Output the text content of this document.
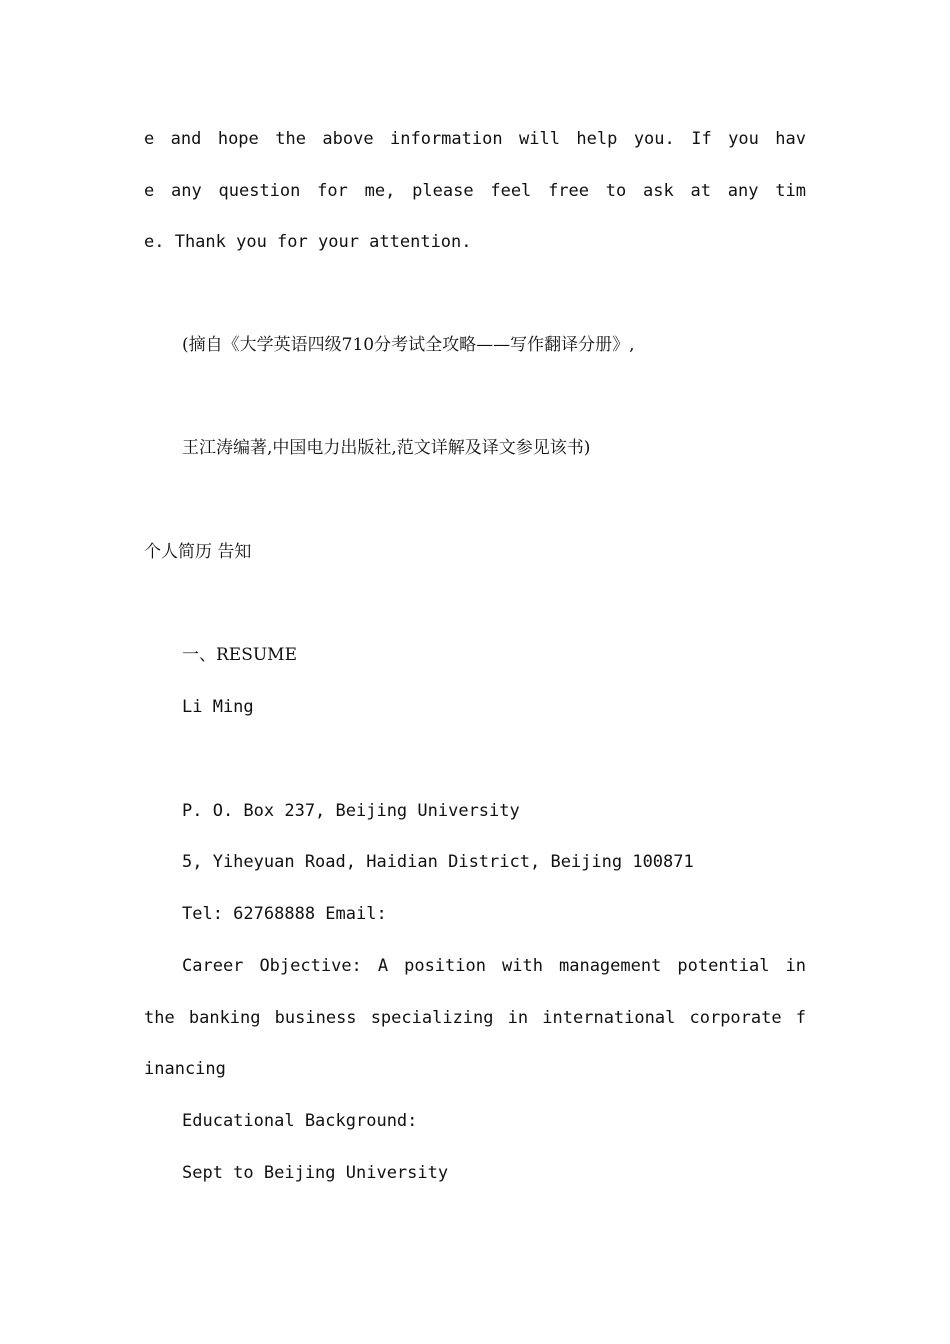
e and hope the above information will help you. If you hav
e any question for me, please feel free to ask at any tim
e. Thank you for your attention.
(摘自《大学英语四级710分考试全攻略——写作翻译分册》,
王江涛编著,中国电力出版社,范文详解及译文参见该书)
个人简历 告知
一、RESUME
Li Ming
P. O. Box 237, Beijing University
5, Yiheyuan Road, Haidian District, Beijing 100871
Tel: 62768888 Email:
Career Objective: A position with management potential in
the banking business specializing in international corporate f
inancing
Educational Background:
Sept to Beijing University
